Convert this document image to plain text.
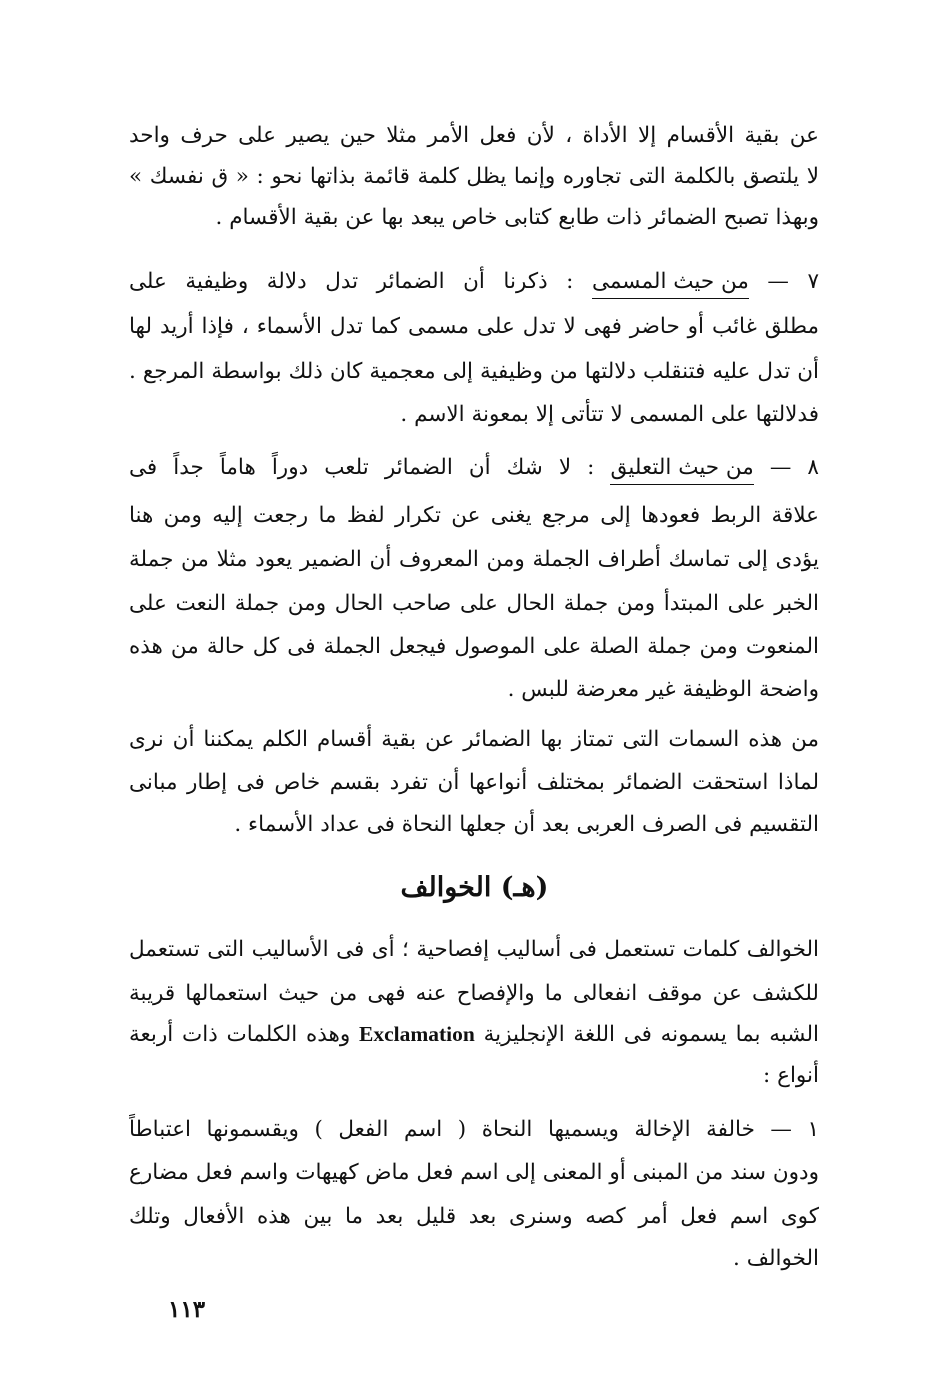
عن بقية الأقسام إلا الأداة ، لأن فعل الأمر مثلا حين يصير على حرف واحد
لا يلتصق بالكلمة التى تجاوره وإنما يظل كلمة قائمة بذاتها نحو : « ق نفسك »
وبهذا تصبح الضمائر ذات طابع كتابى خاص يبعد بها عن بقية الأقسام .
٧ — من حيث المسمى : ذكرنا أن الضمائر تدل دلالة وظيفية على
مطلق غائب أو حاضر فهى لا تدل على مسمى كما تدل الأسماء ، فإذا أريد لها
أن تدل عليه فتنقلب دلالتها من وظيفية إلى معجمية كان ذلك بواسطة المرجع .
فدلالتها على المسمى لا تتأتى إلا بمعونة الاسم .
٨ — من حيث التعليق : لا شك أن الضمائر تلعب دوراً هاماً جداً فى
علاقة الربط فعودها إلى مرجع يغنى عن تكرار لفظ ما رجعت إليه ومن هنا
يؤدى إلى تماسك أطراف الجملة ومن المعروف أن الضمير يعود مثلا من جملة
الخبر على المبتدأ ومن جملة الحال على صاحب الحال ومن جملة النعت على
المنعوت ومن جملة الصلة على الموصول فيجعل الجملة فى كل حالة من هذه
واضحة الوظيفة غير معرضة للبس .
من هذه السمات التى تمتاز بها الضمائر عن بقية أقسام الكلم يمكننا أن نرى
لماذا استحقت الضمائر بمختلف أنواعها أن تفرد بقسم خاص فى إطار مبانى
التقسيم فى الصرف العربى بعد أن جعلها النحاة فى عداد الأسماء .
(هـ) الخوالف
الخوالف كلمات تستعمل فى أساليب إفصاحية ؛ أى فى الأساليب التى تستعمل
للكشف عن موقف انفعالى ما والإفصاح عنه فهى من حيث استعمالها قريبة
الشبه بما يسمونه فى اللغة الإنجليزية Exclamation وهذه الكلمات ذات أربعة
أنواع :
١ — خالفة الإخالة ويسميها النحاة ( اسم الفعل ) ويقسمونها اعتباطاً
ودون سند من المبنى أو المعنى إلى اسم فعل ماض كهيهات واسم فعل مضارع
كوى اسم فعل أمر كصه وسنرى بعد قليل بعد ما بين هذه الأفعال وتلك
الخوالف .
١١٣
